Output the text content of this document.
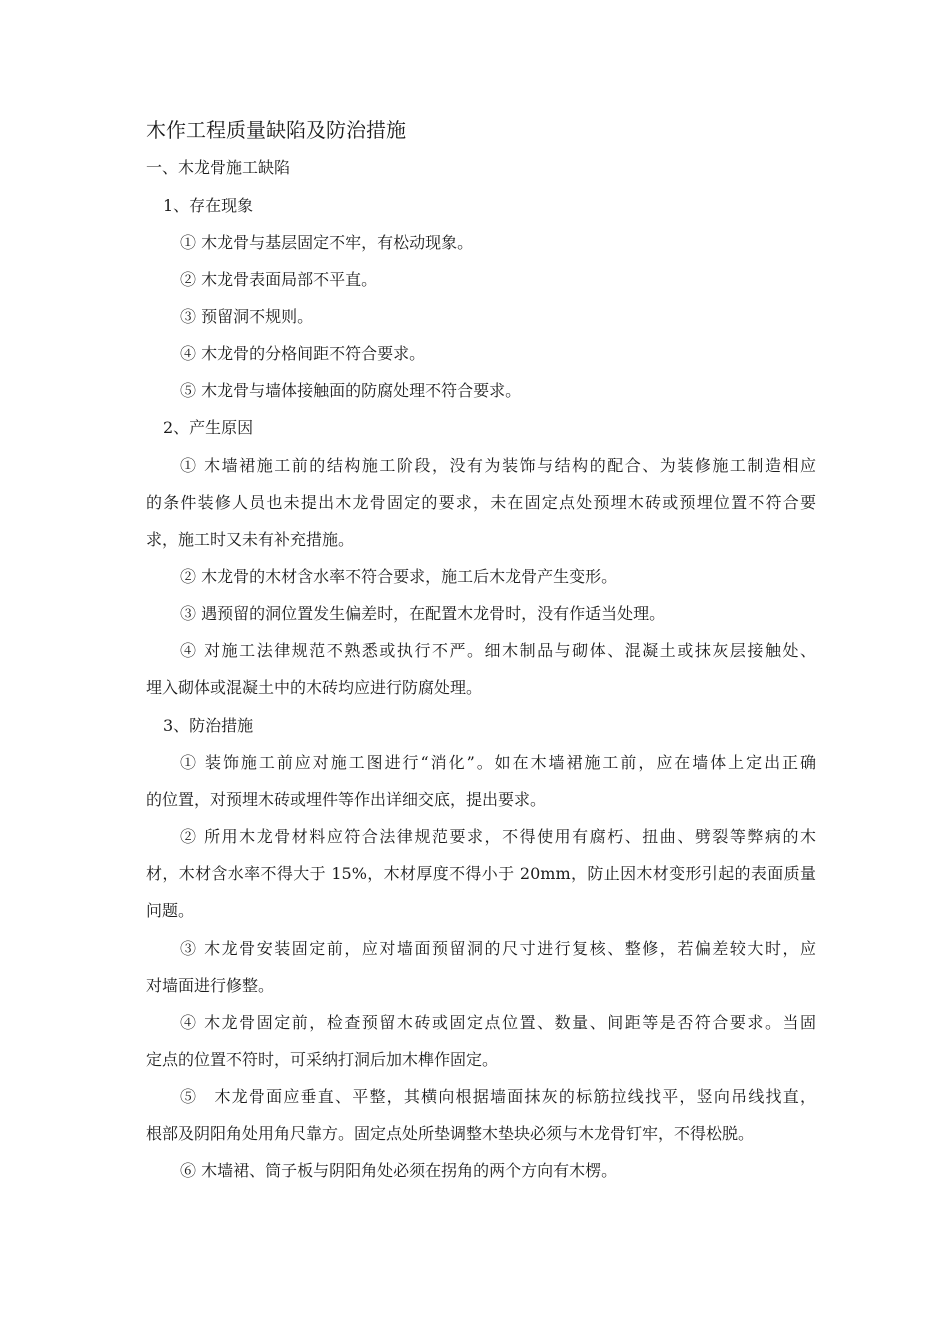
木作工程质量缺陷及防治措施
一、木龙骨施工缺陷
1、存在现象
① 木龙骨与基层固定不牢，有松动现象。
② 木龙骨表面局部不平直。
③ 预留洞不规则。
④ 木龙骨的分格间距不符合要求。
⑤ 木龙骨与墙体接触面的防腐处理不符合要求。
2、产生原因
① 木墙裙施工前的结构施工阶段，没有为装饰与结构的配合、为装修施工制造相应
的条件装修人员也未提出木龙骨固定的要求，未在固定点处预埋木砖或预埋位置不符合要
求，施工时又未有补充措施。
② 木龙骨的木材含水率不符合要求，施工后木龙骨产生变形。
③ 遇预留的洞位置发生偏差时，在配置木龙骨时，没有作适当处理。
④ 对施工法律规范不熟悉或执行不严。细木制品与砌体、混凝土或抹灰层接触处、
埋入砌体或混凝土中的木砖均应进行防腐处理。
3、防治措施
① 装饰施工前应对施工图进行“消化”。如在木墙裙施工前，应在墙体上定出正确
的位置，对预埋木砖或埋件等作出详细交底，提出要求。
② 所用木龙骨材料应符合法律规范要求，不得使用有腐朽、扭曲、劈裂等弊病的木
材，木材含水率不得大于 15%，木材厚度不得小于 20mm，防止因木材变形引起的表面质量
问题。
③ 木龙骨安装固定前，应对墙面预留洞的尺寸进行复核、整修，若偏差较大时，应
对墙面进行修整。
④ 木龙骨固定前，检查预留木砖或固定点位置、数量、间距等是否符合要求。当固
定点的位置不符时，可采纳打洞后加木榫作固定。
⑤　木龙骨面应垂直、平整，其横向根据墙面抹灰的标筋拉线找平，竖向吊线找直，
根部及阴阳角处用角尺靠方。固定点处所垫调整木垫块必须与木龙骨钉牢，不得松脱。
⑥ 木墙裙、筒子板与阴阳角处必须在拐角的两个方向有木楞。
